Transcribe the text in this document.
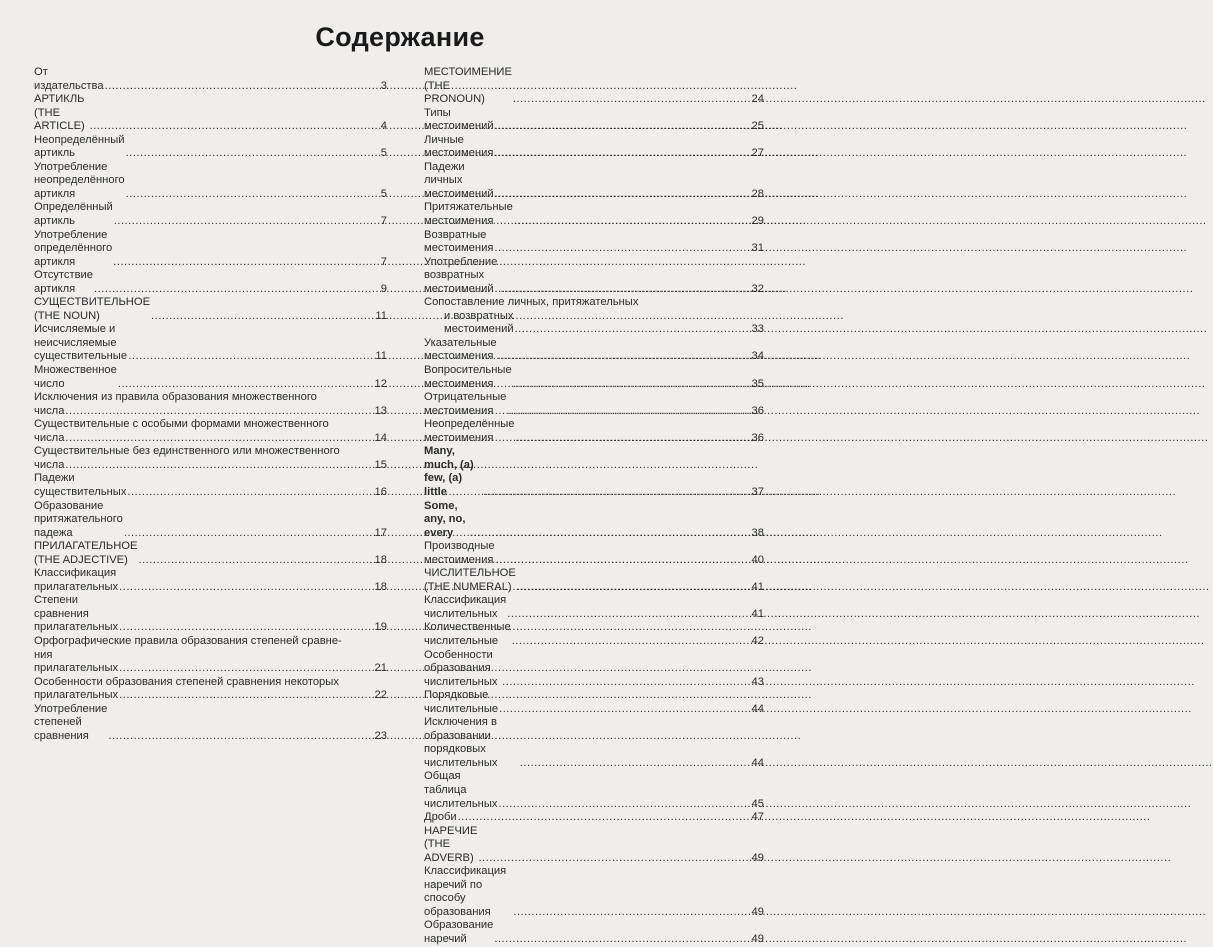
Содержание
От издательства .....	3
АРТИКЛЬ (THE ARTICLE) .....	4
Неопределённый артикль .....	5
Употребление неопределённого артикля .....	5
Определённый артикль .....	7
Употребление определённого артикля .....	7
Отсутствие артикля .....	9
СУЩЕСТВИТЕЛЬНОЕ (THE NOUN) .....	11
Исчисляемые и неисчисляемые существительные .....	11
Множественное число .....	12
Исключения из правила образования множественного
числа .....	13
Существительные с особыми формами множественного
числа .....	14
Существительные без единственного или множественного
числа .....	15
Падежи существительных .....	16
Образование притяжательного падежа .....	17
ПРИЛАГАТЕЛЬНОЕ (THE ADJECTIVE) .....	18
Классификация прилагательных .....	18
Степени сравнения прилагательных .....	19
Орфографические правила образования степеней сравне-
ния прилагательных .....	21
Особенности образования степеней сравнения некоторых
прилагательных .....	22
Употребление степеней сравнения .....	23
МЕСТОИМЕНИЕ (THE PRONOUN) .....	24
Типы местоимений .....	25
Личные местоимения .....	27
Падежи личных местоимений .....	28
Притяжательные местоимения .....	29
Возвратные местоимения .....	31
Употребление возвратных местоимений .....	32
Сопоставление личных, притяжательных
и возвратных местоимений .....	33
Указательные местоимения .....	34
Вопросительные местоимения .....	35
Отрицательные местоимения .....	36
Неопределённые местоимения .....	36
Many, much, (a) few, (a) little .....	37
Some, any, no, every .....	38
Производные местоимения .....	40
ЧИСЛИТЕЛЬНОЕ (THE NUMERAL) .....	41
Классификация числительных .....	41
Количественные числительные .....	42
Особенности образования числительных .....	43
Порядковые числительные .....	44
Исключения в образовании порядковых числительных .....	44
Общая таблица числительных .....	45
Дроби .....	47
НАРЕЧИЕ (THE ADVERB) .....	49
Классификация наречий по способу образования .....	49
Образование наречий .....	49
